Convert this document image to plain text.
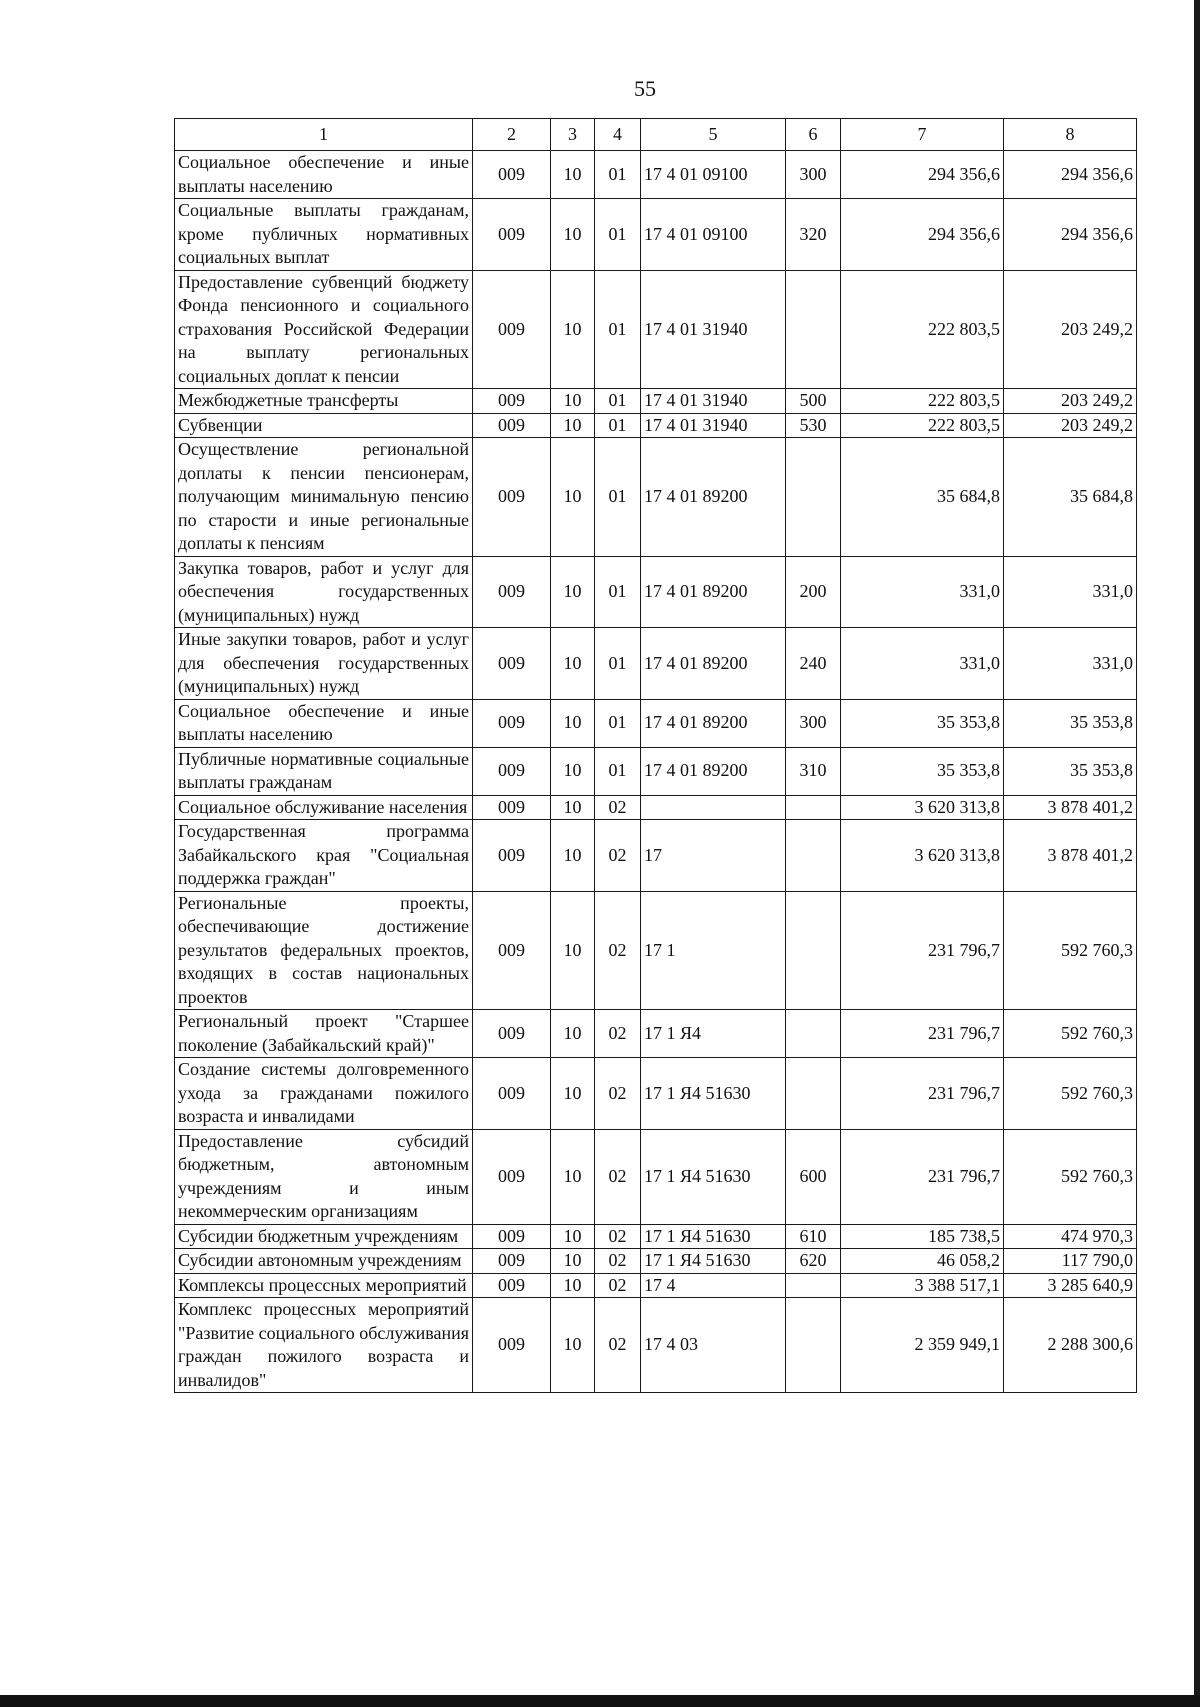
55
1	2	3	4	5	6	7	8
Социальное обеспечение и иные выплаты населению	009	10	01	17 4 01 09100	300	294 356,6	294 356,6
Социальные выплаты гражданам, кроме публичных нормативных социальных выплат	009	10	01	17 4 01 09100	320	294 356,6	294 356,6
Предоставление субвенций бюджету Фонда пенсионного и социального страхования Российской Федерации на выплату региональных социальных доплат к пенсии	009	10	01	17 4 01 31940		222 803,5	203 249,2
Межбюджетные трансферты	009	10	01	17 4 01 31940	500	222 803,5	203 249,2
Субвенции	009	10	01	17 4 01 31940	530	222 803,5	203 249,2
Осуществление региональной доплаты к пенсии пенсионерам, получающим минимальную пенсию по старости и иные региональные доплаты к пенсиям	009	10	01	17 4 01 89200		35 684,8	35 684,8
Закупка товаров, работ и услуг для обеспечения государственных (муниципальных) нужд	009	10	01	17 4 01 89200	200	331,0	331,0
Иные закупки товаров, работ и услуг для обеспечения государственных (муниципальных) нужд	009	10	01	17 4 01 89200	240	331,0	331,0
Социальное обеспечение и иные выплаты населению	009	10	01	17 4 01 89200	300	35 353,8	35 353,8
Публичные нормативные социальные выплаты гражданам	009	10	01	17 4 01 89200	310	35 353,8	35 353,8
Социальное обслуживание населения	009	10	02			3 620 313,8	3 878 401,2
Государственная программа Забайкальского края "Социальная поддержка граждан"	009	10	02	17		3 620 313,8	3 878 401,2
Региональные проекты, обеспечивающие достижение результатов федеральных проектов, входящих в состав национальных проектов	009	10	02	17 1		231 796,7	592 760,3
Региональный проект "Старшее поколение (Забайкальский край)"	009	10	02	17 1 Я4		231 796,7	592 760,3
Создание системы долговременного ухода за гражданами пожилого возраста и инвалидами	009	10	02	17 1 Я4 51630		231 796,7	592 760,3
Предоставление субсидий бюджетным, автономным учреждениям и иным некоммерческим организациям	009	10	02	17 1 Я4 51630	600	231 796,7	592 760,3
Субсидии бюджетным учреждениям	009	10	02	17 1 Я4 51630	610	185 738,5	474 970,3
Субсидии автономным учреждениям	009	10	02	17 1 Я4 51630	620	46 058,2	117 790,0
Комплексы процессных мероприятий	009	10	02	17 4		3 388 517,1	3 285 640,9
Комплекс процессных мероприятий "Развитие социального обслуживания граждан пожилого возраста и инвалидов"	009	10	02	17 4 03		2 359 949,1	2 288 300,6
